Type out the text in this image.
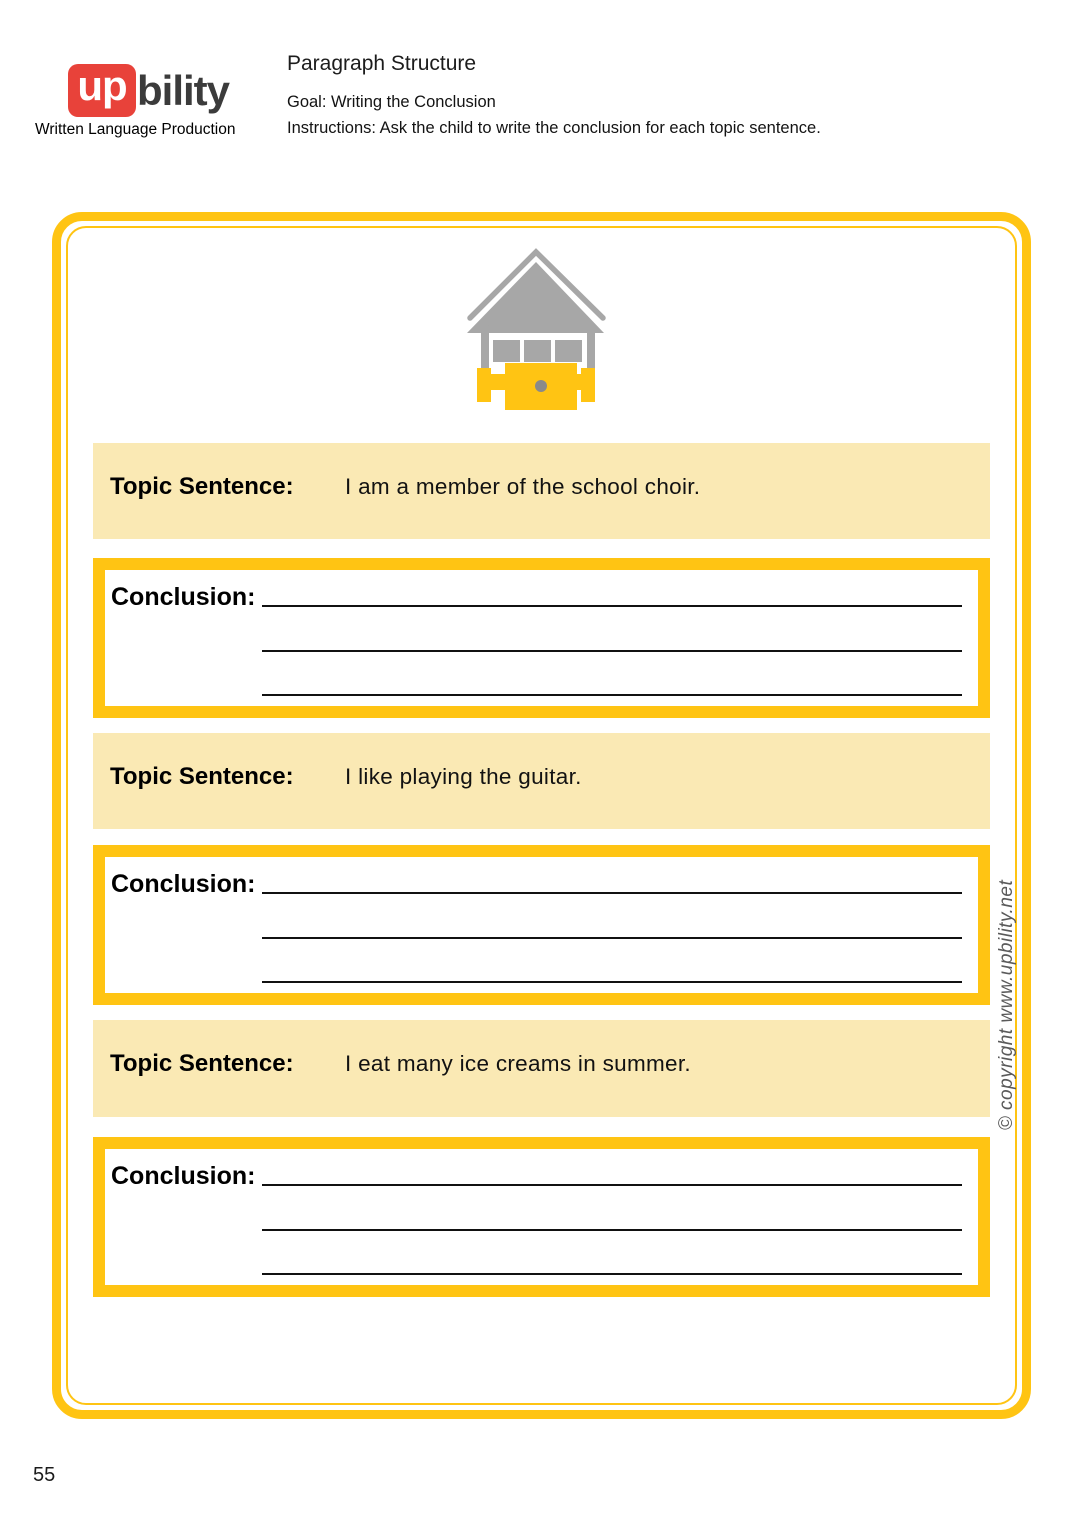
up bility
Written Language Production
Paragraph Structure
Goal: Writing the Conclusion
Instructions: Ask the child to write the conclusion for each topic sentence.
Topic Sentence:	I am a member of the school choir.
Conclusion:
Topic Sentence:	I like playing the guitar.
Conclusion:
Topic Sentence:	I eat many ice creams in summer.
Conclusion:
© copyright www.upbility.net
55
